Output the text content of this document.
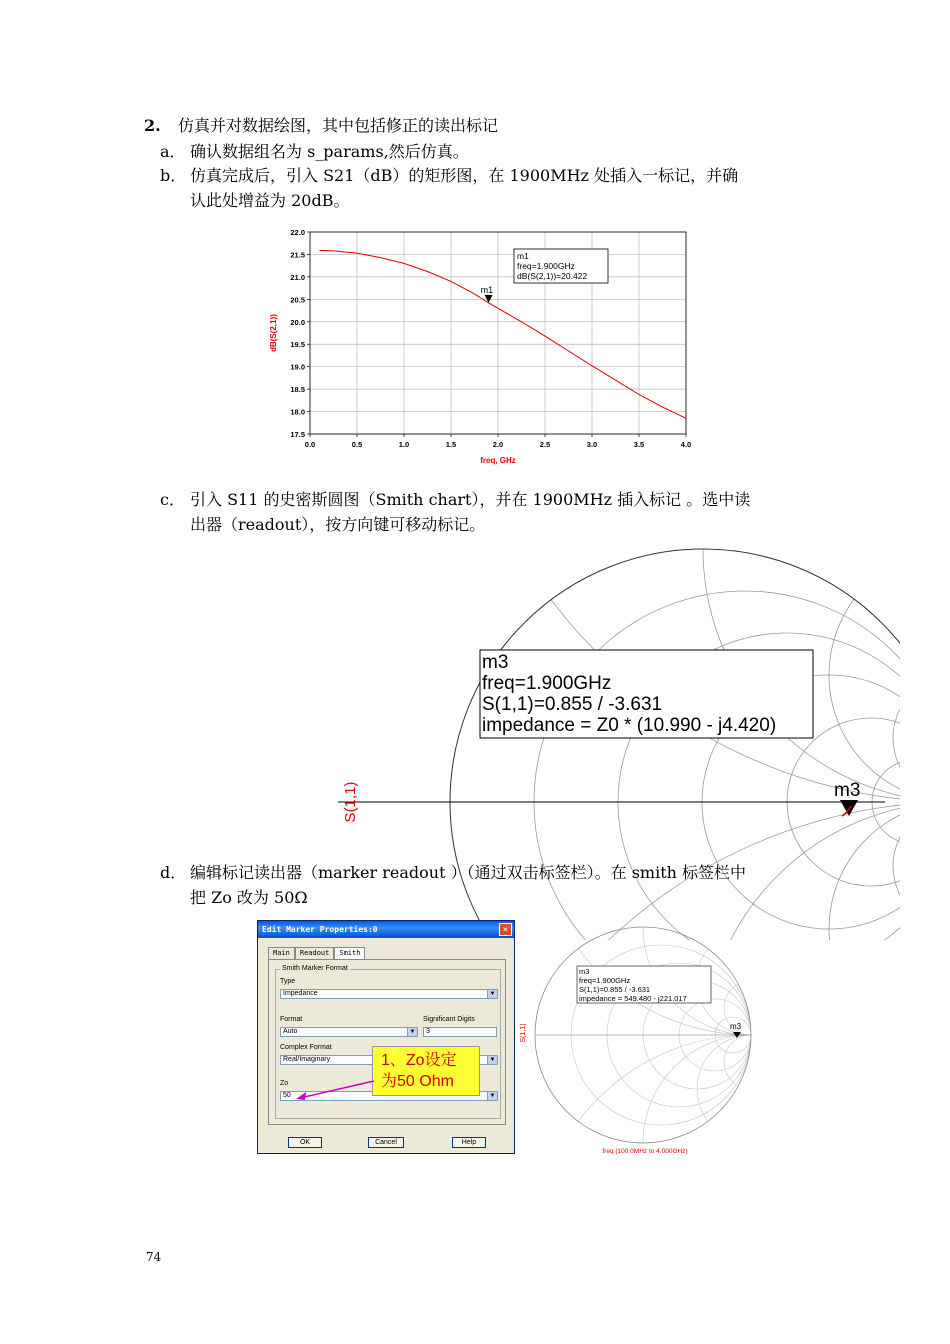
2. 仿真并对数据绘图，其中包括修正的读出标记
a． 确认数据组名为 s_params,然后仿真。
b． 仿真完成后，引入 S21（dB）的矩形图，在 1900MHz 处插入一标记，并确
认此处增益为 20dB。
0.0	0.5	1.0	1.5	2.0	2.5	3.0	3.5	4.0
22.0
21.5
21.0
20.5
20.0
19.5
19.0
18.5
18.0
17.5
m1
m1
freq=1.900GHz
dB(S(2,1))=20.422
dB(S(2,1))
freq, GHz
c． 引入 S11 的史密斯圆图（Smith chart），并在 1900MHz 插入标记 。选中读
出器（readout），按方向键可移动标记。
S(1,1)	m3
m3
freq=1.900GHz
S(1,1)=0.855 / -3.631
impedance = Z0 * (10.990 - j4.420)
d． 编辑标记读出器（marker readout ）（通过双击标签栏）。在 smith 标签栏中
把 Zo 改为 50Ω
Edit Marker Properties:0	✕
Main Readout Smith
Smith Marker Format
Type
Impedance	▼
Format
Auto	▼
Significant Digits
3
Complex Format
Real/Imaginary	▼
Zo
50	▼
OK	Cancel	Help
1、Zo设定
为50 Ohm
S(1,1)	m3
m3
freq=1.900GHz
S(1,1)=0.855 / -3.631
impedance = 549.480 - j221.017
freq (100.0MHz to 4.000GHz)
74
